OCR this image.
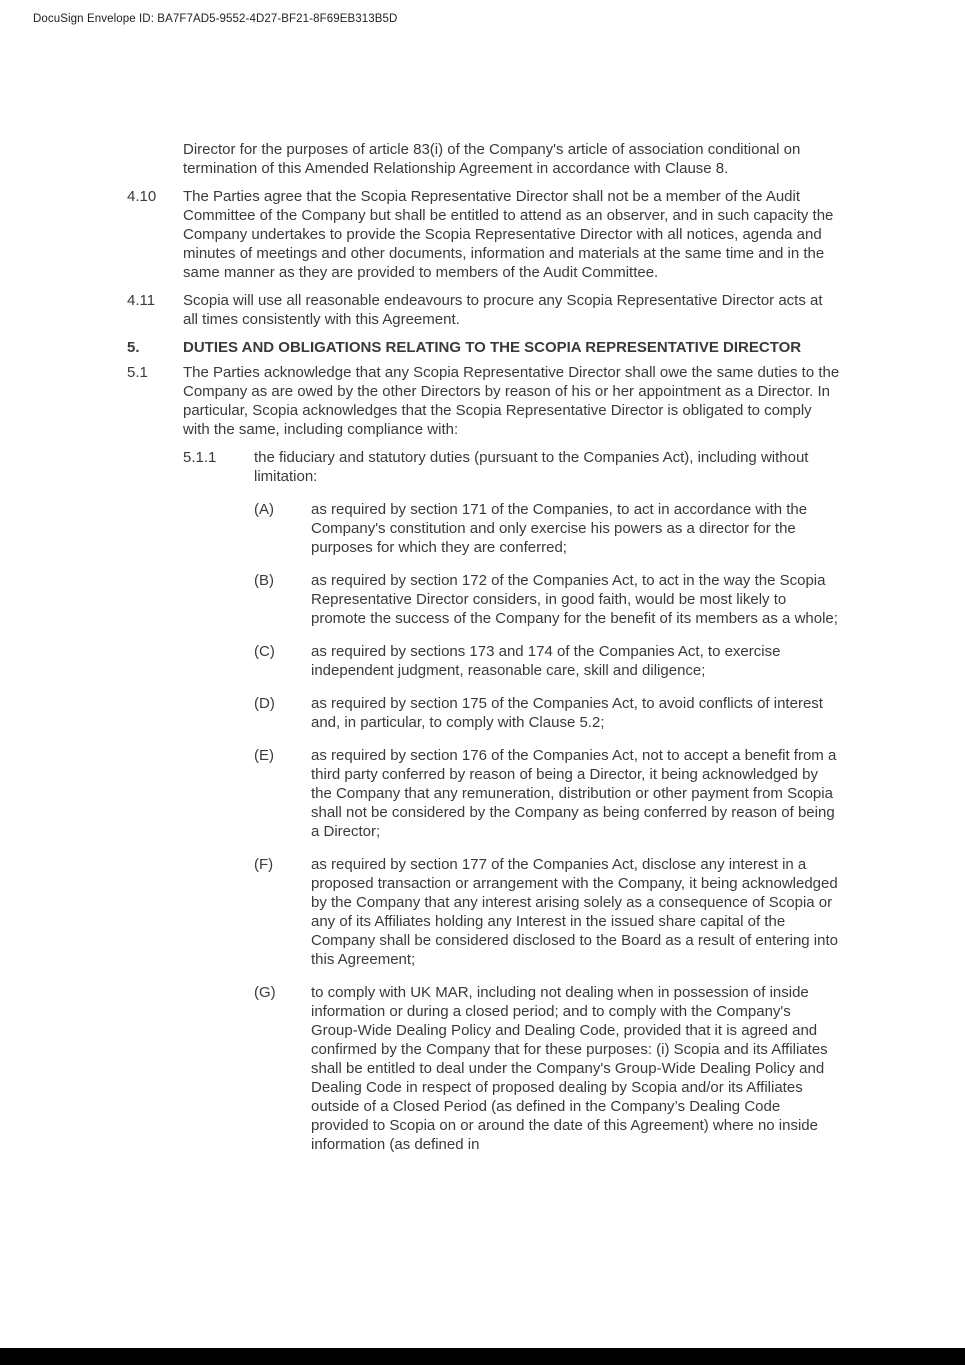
DocuSign Envelope ID: BA7F7AD5-9552-4D27-BF21-8F69EB313B5D

Director for the purposes of article 83(i) of the Company's article of association conditional on termination of this Amended Relationship Agreement in accordance with Clause 8.

4.10	The Parties agree that the Scopia Representative Director shall not be a member of the Audit Committee of the Company but shall be entitled to attend as an observer, and in such capacity the Company undertakes to provide the Scopia Representative Director with all notices, agenda and minutes of meetings and other documents, information and materials at the same time and in the same manner as they are provided to members of the Audit Committee.
4.11	Scopia will use all reasonable endeavours to procure any Scopia Representative Director acts at all times consistently with this Agreement.
5.	DUTIES AND OBLIGATIONS RELATING TO THE SCOPIA REPRESENTATIVE DIRECTOR
5.1	The Parties acknowledge that any Scopia Representative Director shall owe the same duties to the Company as are owed by the other Directors by reason of his or her appointment as a Director. In particular, Scopia acknowledges that the Scopia Representative Director is obligated to comply with the same, including compliance with:
5.1.1	the fiduciary and statutory duties (pursuant to the Companies Act), including without limitation:
(A)	as required by section 171 of the Companies, to act in accordance with the Company's constitution and only exercise his powers as a director for the purposes for which they are conferred;
(B)	as required by section 172 of the Companies Act, to act in the way the Scopia Representative Director considers, in good faith, would be most likely to promote the success of the Company for the benefit of its members as a whole;
(C)	as required by sections 173 and 174 of the Companies Act, to exercise independent judgment, reasonable care, skill and diligence;
(D)	as required by section 175 of the Companies Act, to avoid conflicts of interest and, in particular, to comply with Clause 5.2;
(E)	as required by section 176 of the Companies Act, not to accept a benefit from a third party conferred by reason of being a Director, it being acknowledged by the Company that any remuneration, distribution or other payment from Scopia shall not be considered by the Company as being conferred by reason of being a Director;
(F)	as required by section 177 of the Companies Act, disclose any interest in a proposed transaction or arrangement with the Company, it being acknowledged by the Company that any interest arising solely as a consequence of Scopia or any of its Affiliates holding any Interest in the issued share capital of the Company shall be considered disclosed to the Board as a result of entering into this Agreement;
(G)	to comply with UK MAR, including not dealing when in possession of inside information or during a closed period; and to comply with the Company's Group-Wide Dealing Policy and Dealing Code, provided that it is agreed and confirmed by the Company that for these purposes: (i) Scopia and its Affiliates shall be entitled to deal under the Company's Group-Wide Dealing Policy and Dealing Code in respect of proposed dealing by Scopia and/or its Affiliates outside of a Closed Period (as defined in the Company’s Dealing Code provided to Scopia on or around the date of this Agreement) where no inside information (as defined in
